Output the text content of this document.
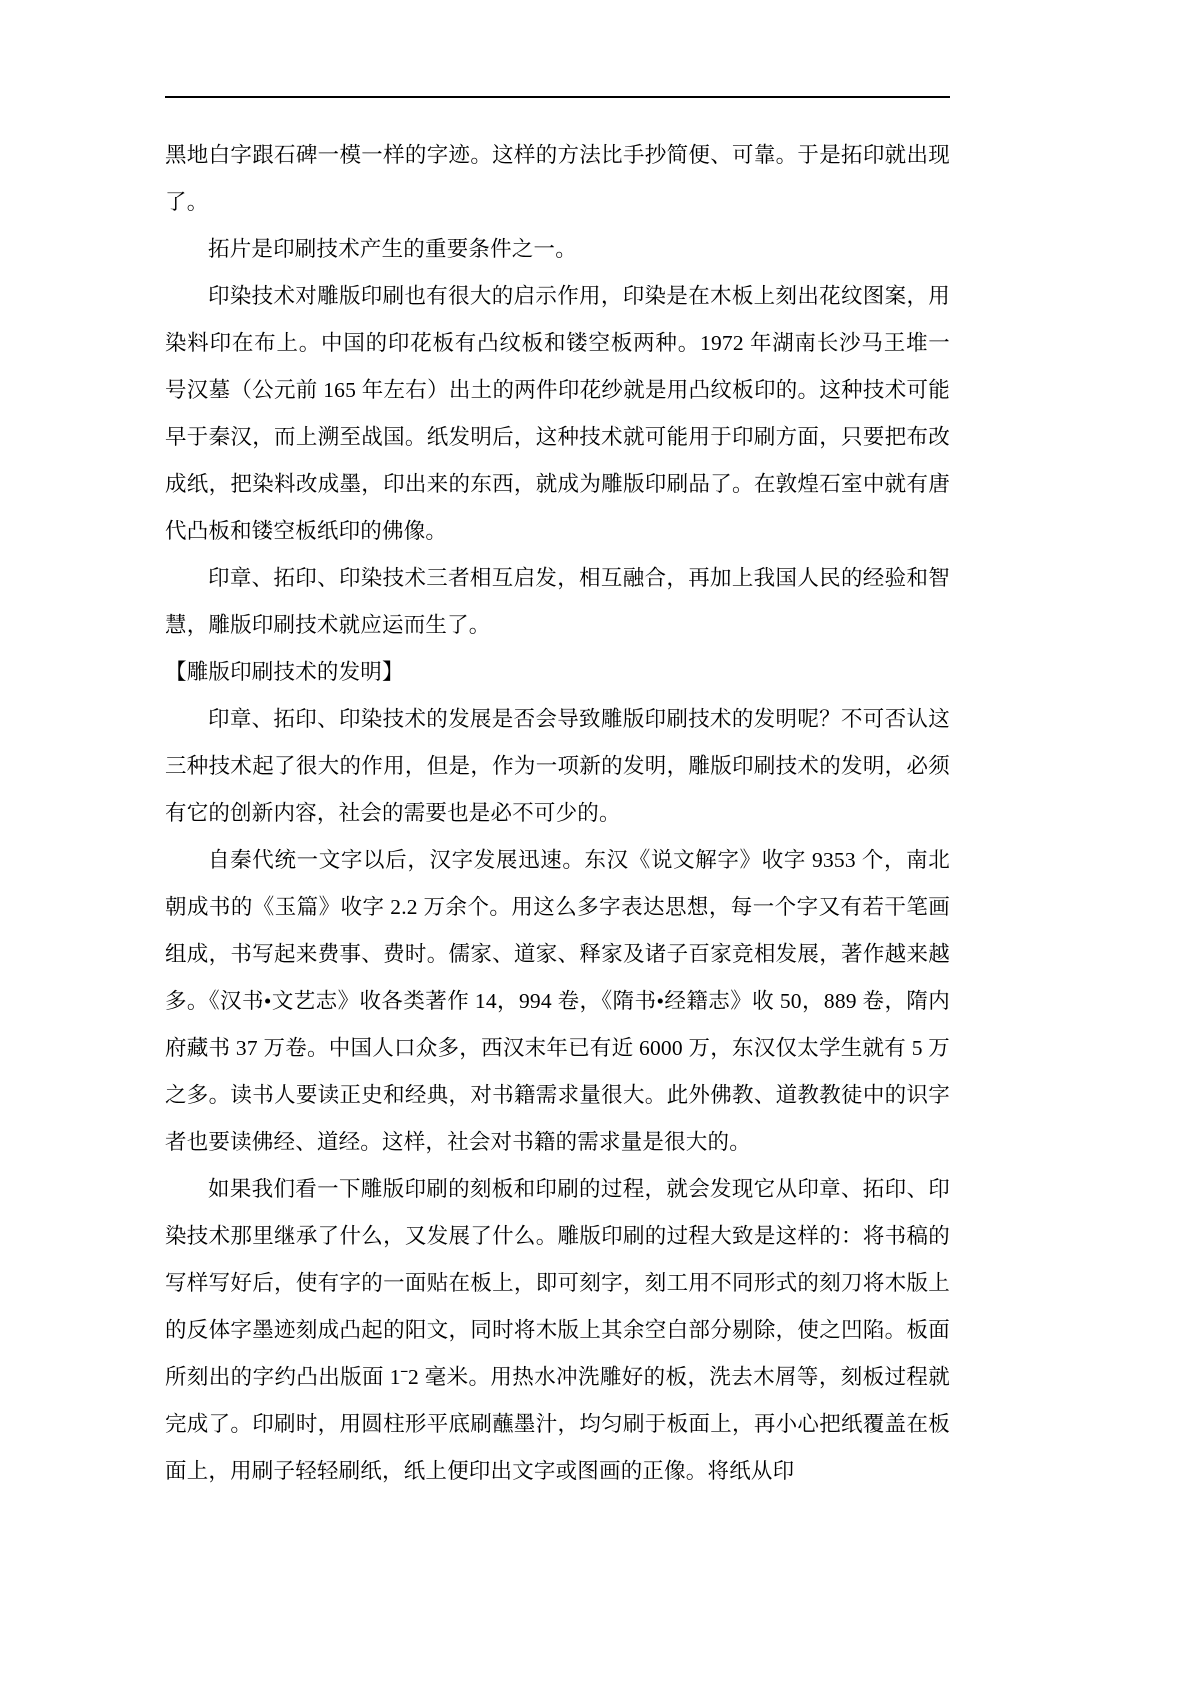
黑地白字跟石碑一模一样的字迹。这样的方法比手抄简便、可靠。于是拓印就出现了。

拓片是印刷技术产生的重要条件之一。

印染技术对雕版印刷也有很大的启示作用，印染是在木板上刻出花纹图案，用染料印在布上。中国的印花板有凸纹板和镂空板两种。1972 年湖南长沙马王堆一号汉墓（公元前 165 年左右）出土的两件印花纱就是用凸纹板印的。这种技术可能早于秦汉，而上溯至战国。纸发明后，这种技术就可能用于印刷方面，只要把布改成纸，把染料改成墨，印出来的东西，就成为雕版印刷品了。在敦煌石室中就有唐代凸板和镂空板纸印的佛像。

印章、拓印、印染技术三者相互启发，相互融合，再加上我国人民的经验和智慧，雕版印刷技术就应运而生了。

【雕版印刷技术的发明】

印章、拓印、印染技术的发展是否会导致雕版印刷技术的发明呢？不可否认这三种技术起了很大的作用，但是，作为一项新的发明，雕版印刷技术的发明，必须有它的创新内容，社会的需要也是必不可少的。

自秦代统一文字以后，汉字发展迅速。东汉《说文解字》收字 9353 个，南北朝成书的《玉篇》收字 2.2 万余个。用这么多字表达思想，每一个字又有若干笔画组成，书写起来费事、费时。儒家、道家、释家及诸子百家竞相发展，著作越来越多。《汉书•文艺志》收各类著作 14，994 卷，《隋书•经籍志》收 50，889 卷，隋内府藏书 37 万卷。中国人口众多，西汉末年已有近 6000 万，东汉仅太学生就有 5 万之多。读书人要读正史和经典，对书籍需求量很大。此外佛教、道教教徒中的识字者也要读佛经、道经。这样，社会对书籍的需求量是很大的。

如果我们看一下雕版印刷的刻板和印刷的过程，就会发现它从印章、拓印、印染技术那里继承了什么，又发展了什么。雕版印刷的过程大致是这样的：将书稿的写样写好后，使有字的一面贴在板上，即可刻字，刻工用不同形式的刻刀将木版上的反体字墨迹刻成凸起的阳文，同时将木版上其余空白部分剔除，使之凹陷。板面所刻出的字约凸出版面 1ˉ2 毫米。用热水冲洗雕好的板，洗去木屑等，刻板过程就完成了。印刷时，用圆柱形平底刷蘸墨汁，均匀刷于板面上，再小心把纸覆盖在板面上，用刷子轻轻刷纸，纸上便印出文字或图画的正像。将纸从印
